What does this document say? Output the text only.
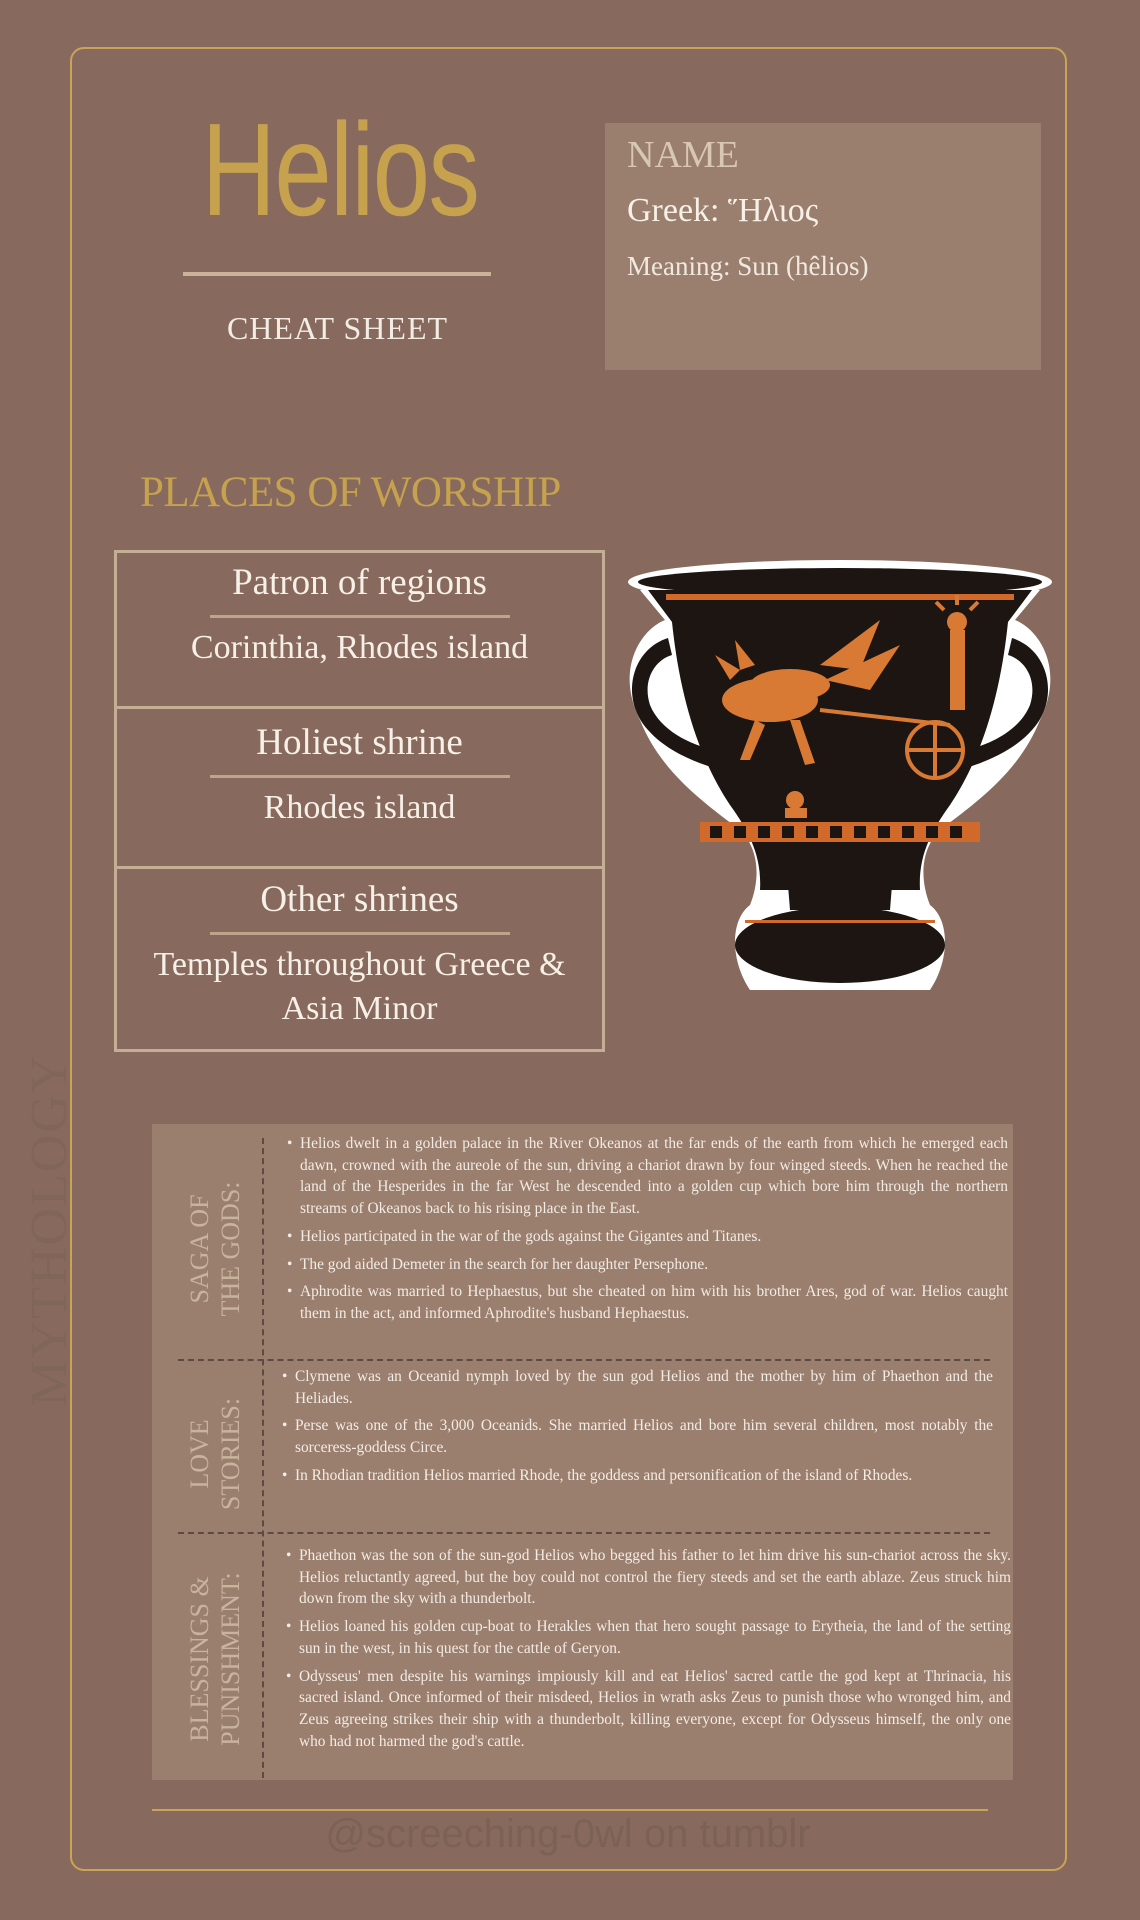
Helios
CHEAT SHEET
NAME
Greek: Ἥλιος
Meaning: Sun (hêlios)
PLACES OF WORSHIP
Patron of regions
Corinthia, Rhodes island
Holiest shrine
Rhodes island
Other shrines
Temples throughout Greece & Asia Minor
MYTHOLOGY	SAGA OF THE GODS:
LOVE STORIES:
BLESSINGS & PUNISHMENT:
• Helios dwelt in a golden palace in the River Okeanos at the far ends of the earth from which he emerged each dawn, crowned with the aureole of the sun, driving a chariot drawn by four winged steeds. When he reached the land of the Hesperides in the far West he descended into a golden cup which bore him through the northern streams of Okeanos back to his rising place in the East.
• Helios participated in the war of the gods against the Gigantes and Titanes.
• The god aided Demeter in the search for her daughter Persephone.
• Aphrodite was married to Hephaestus, but she cheated on him with his brother Ares, god of war. Helios caught them in the act, and informed Aphrodite's husband Hephaestus.
• Clymene was an Oceanid nymph loved by the sun god Helios and the mother by him of Phaethon and the Heliades.
• Perse was one of the 3,000 Oceanids. She married Helios and bore him several children, most notably the sorceress-goddess Circe.
• In Rhodian tradition Helios married Rhode, the goddess and personification of the island of Rhodes.
• Phaethon was the son of the sun-god Helios who begged his father to let him drive his sun-chariot across the sky. Helios reluctantly agreed, but the boy could not control the fiery steeds and set the earth ablaze. Zeus struck him down from the sky with a thunderbolt.
• Helios loaned his golden cup-boat to Herakles when that hero sought passage to Erytheia, the land of the setting sun in the west, in his quest for the cattle of Geryon.
• Odysseus' men despite his warnings impiously kill and eat Helios' sacred cattle the god kept at Thrinacia, his sacred island. Once informed of their misdeed, Helios in wrath asks Zeus to punish those who wronged him, and Zeus agreeing strikes their ship with a thunderbolt, killing everyone, except for Odysseus himself, the only one who had not harmed the god's cattle.
@screeching-0wl on tumblr
